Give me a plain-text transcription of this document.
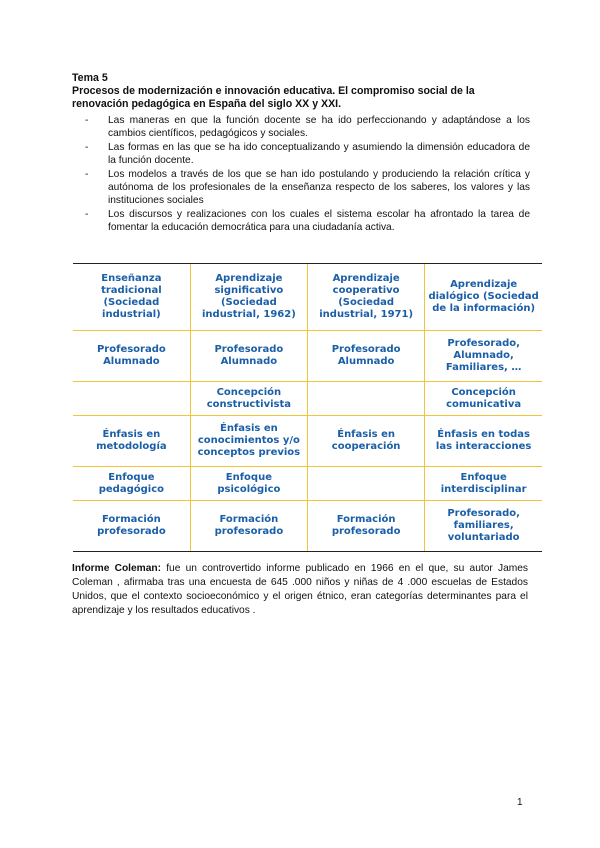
Tema 5

Procesos de modernización e innovación educativa. El compromiso social de la renovación pedagógica en España del siglo XX y XXI.

- Las maneras en que la función docente se ha ido perfeccionando y adaptándose a los cambios científicos, pedagógicos y sociales.
- Las formas en las que se ha ido conceptualizando y asumiendo la dimensión educadora de la función docente.
- Los modelos a través de los que se han ido postulando y produciendo la relación crítica y autónoma de los profesionales de la enseñanza respecto de los saberes, los valores y las instituciones sociales
- Los discursos y realizaciones con los cuales el sistema escolar ha afrontado la tarea de fomentar la educación democrática para una ciudadanía activa.
Enseñanza tradicional (Sociedad industrial)	Aprendizaje significativo (Sociedad industrial, 1962)	Aprendizaje cooperativo (Sociedad industrial, 1971)	Aprendizaje dialógico (Sociedad de la información)
Profesorado Alumnado	Profesorado Alumnado	Profesorado Alumnado	Profesorado, Alumnado, Familiares, …
	Concepción constructivista		Concepción comunicativa
Énfasis en metodología	Énfasis en conocimientos y/o conceptos previos	Énfasis en cooperación	Énfasis en todas las interacciones
Enfoque pedagógico	Enfoque psicológico		Enfoque interdisciplinar
Formación profesorado	Formación profesorado	Formación profesorado	Profesorado, familiares, voluntariado

Informe Coleman: fue un controvertido informe publicado en 1966 en el que, su autor James Coleman , afirmaba tras una encuesta de 645 .000 niños y niñas de 4 .000 escuelas de Estados Unidos, que el contexto socioeconómico y el origen étnico, eran categorías determinantes para el aprendizaje y los resultados educativos .

1
